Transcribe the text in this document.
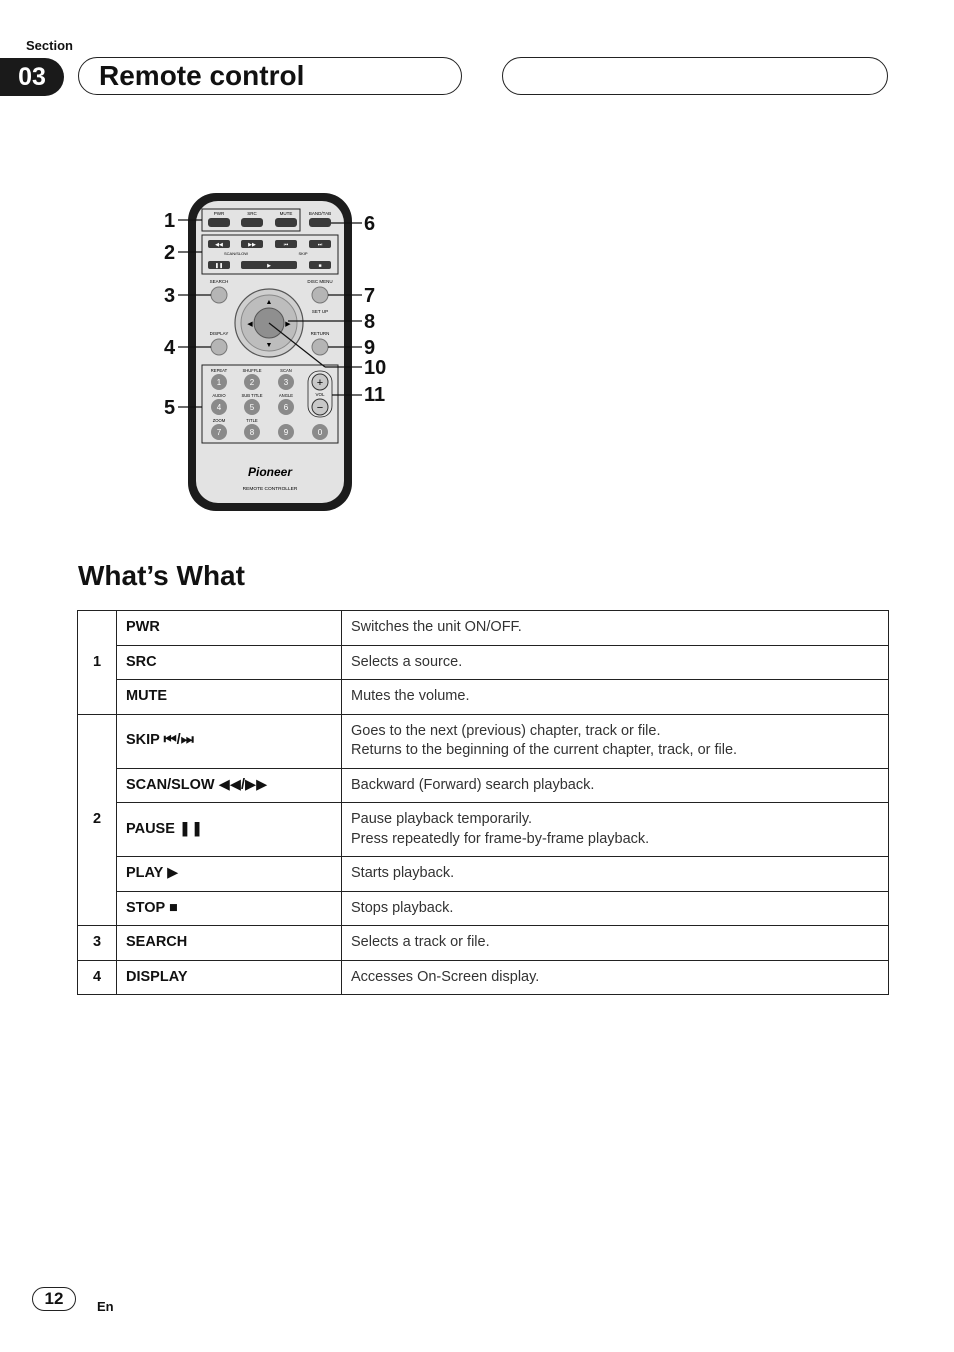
Section
03	Remote control
PWR	SRC	MUTE	BAND/TAB
◀◀	▶▶	⏮	⏭
SCAN/SLOW	SKIP
❚❚	▶	■
SEARCH	DISC MENU
SET UP
DISPLAY	RETURN
▲
▼
◀	▶
REPEAT	SHUFFLE	SCAN
AUDIO	SUB TITLE	ANGLE
ZOOM	TITLE
1	2	3
4	5	6
7	8	9	0
+
VOL
−
Pioneer
REMOTE CONTROLLER
1
2
3
4
5
6
7
8
9
10
11
What’s What
1	PWR	Switches the unit ON/OFF.
	SRC	Selects a source.
	MUTE	Mutes the volume.
2	SKIP ⏮/⏭	Goes to the next (previous) chapter, track or file.
Returns to the beginning of the current chapter, track, or file.
	SCAN/SLOW ◀◀/▶▶	Backward (Forward) search playback.
	PAUSE ❚❚	Pause playback temporarily.
Press repeatedly for frame-by-frame playback.
	PLAY ▶	Starts playback.
	STOP ■	Stops playback.
3	SEARCH	Selects a track or file.
4	DISPLAY	Accesses On-Screen display.
12	En
